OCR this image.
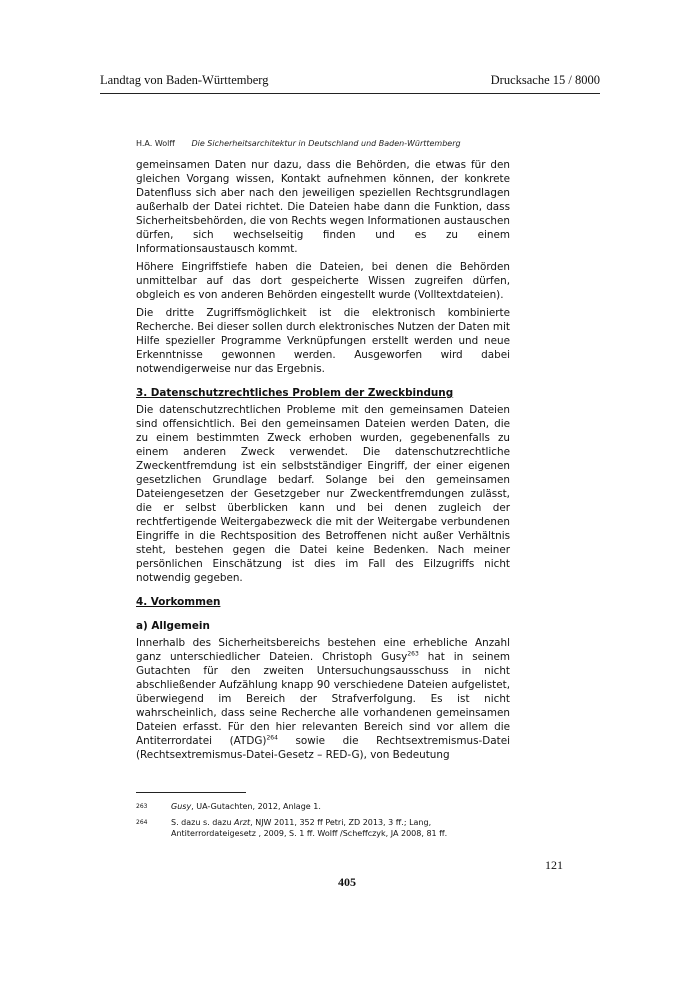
Landtag von Baden-Württemberg	Drucksache 15 / 8000
H.A. Wolff Die Sicherheitsarchitektur in Deutschland und Baden-Württemberg

gemeinsamen Daten nur dazu, dass die Behörden, die etwas für den gleichen Vorgang wissen, Kontakt aufnehmen können, der konkrete Datenfluss sich aber nach den jeweiligen speziellen Rechtsgrundlagen außerhalb der Datei richtet. Die Dateien habe dann die Funktion, dass Sicherheitsbehörden, die von Rechts wegen Informationen austauschen dürfen, sich wechselseitig finden und es zu einem Informationsaustausch kommt.

Höhere Eingriffstiefe haben die Dateien, bei denen die Behörden unmittelbar auf das dort gespeicherte Wissen zugreifen dürfen, obgleich es von anderen Behörden eingestellt wurde (Volltextdateien).

Die dritte Zugriffsmöglichkeit ist die elektronisch kombinierte Recherche. Bei dieser sollen durch elektronisches Nutzen der Daten mit Hilfe spezieller Programme Verknüpfungen erstellt werden und neue Erkenntnisse gewonnen werden. Ausgeworfen wird dabei notwendigerweise nur das Ergebnis.

3. Datenschutzrechtliches Problem der Zweckbindung

Die datenschutzrechtlichen Probleme mit den gemeinsamen Dateien sind offensichtlich. Bei den gemeinsamen Dateien werden Daten, die zu einem bestimmten Zweck erhoben wurden, gegebenenfalls zu einem anderen Zweck verwendet. Die datenschutzrechtliche Zweckentfremdung ist ein selbstständiger Eingriff, der einer eigenen gesetzlichen Grundlage bedarf. Solange bei den gemeinsamen Dateiengesetzen der Gesetzgeber nur Zweckentfremdungen zulässt, die er selbst überblicken kann und bei denen zugleich der rechtfertigende Weitergabezweck die mit der Weitergabe verbundenen Eingriffe in die Rechtsposition des Betroffenen nicht außer Verhältnis steht, bestehen gegen die Datei keine Bedenken. Nach meiner persönlichen Einschätzung ist dies im Fall des Eilzugriffs nicht notwendig gegeben.

4. Vorkommen
a) Allgemein

Innerhalb des Sicherheitsbereichs bestehen eine erhebliche Anzahl ganz unterschiedlicher Dateien. Christoph Gusy$^{263}$ hat in seinem Gutachten für den zweiten Untersuchungsausschuss in nicht abschließender Aufzählung knapp 90 verschiedene Dateien aufgelistet, überwiegend im Bereich der Strafverfolgung. Es ist nicht wahrscheinlich, dass seine Recherche alle vorhandenen gemeinsamen Dateien erfasst. Für den hier relevanten Bereich sind vor allem die Antiterrordatei (ATDG)$^{264}$ sowie die Rechtsextremismus-Datei (Rechtsextremismus-Datei-Gesetz – RED-G), von Bedeutung

263	Gusy, UA-Gutachten, 2012, Anlage 1.
264	S. dazu s. dazu Arzt, NJW 2011, 352 ff Petri, ZD 2013, 3 ff.; Lang, Antiterrordateigesetz , 2009, S. 1 ff. Wolff /Scheffczyk, JA 2008, 81 ff.
121
405
